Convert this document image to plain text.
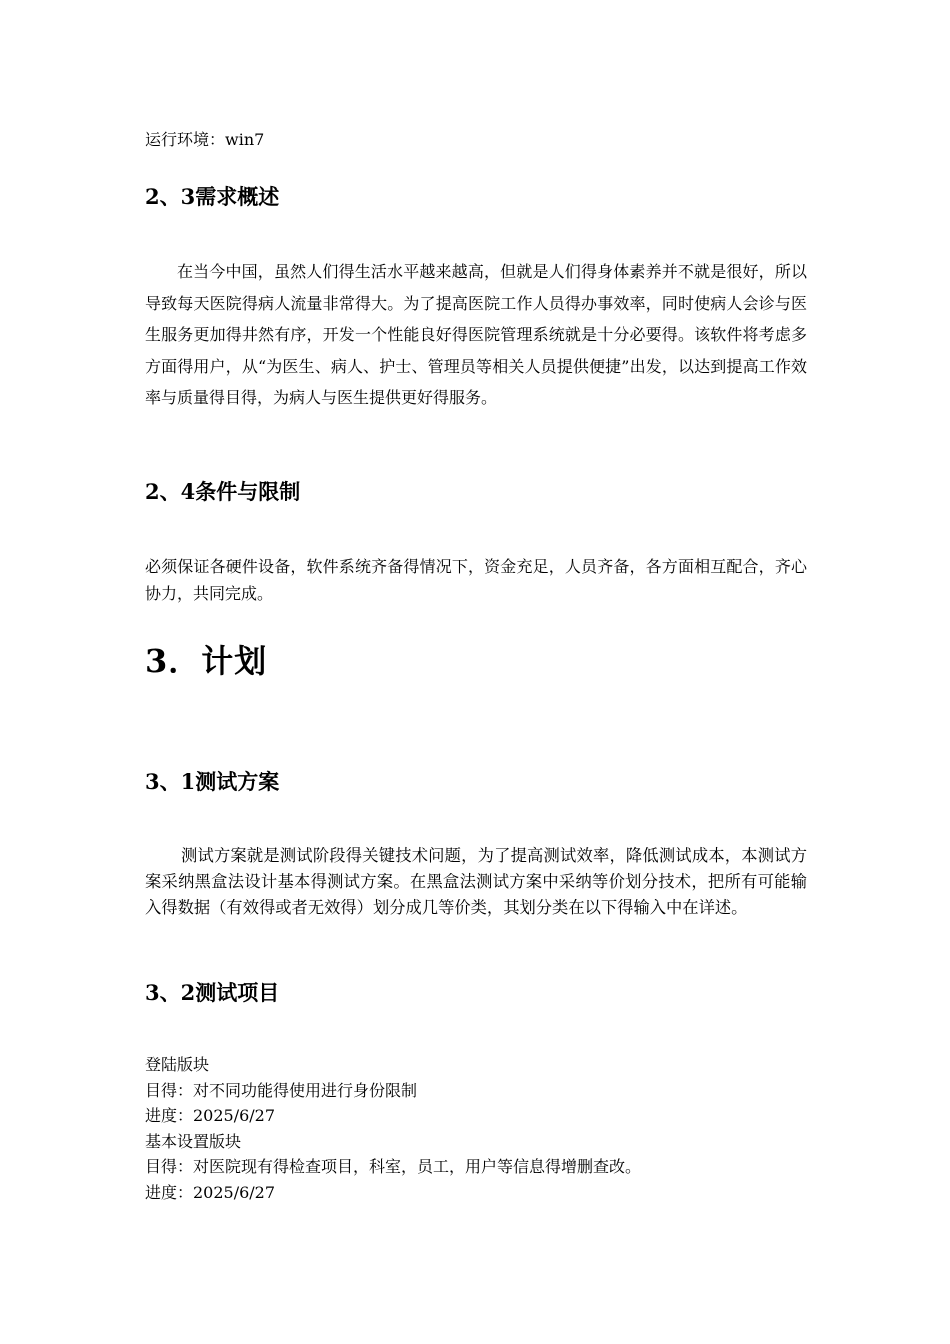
运行环境：win7
2、3需求概述

在当今中国，虽然人们得生活水平越来越高，但就是人们得身体素养并不就是很好，所以导致每天医院得病人流量非常得大。为了提高医院工作人员得办事效率，同时使病人会诊与医生服务更加得井然有序，开发一个性能良好得医院管理系统就是十分必要得。该软件将考虑多方面得用户，从“为医生、病人、护士、管理员等相关人员提供便捷”出发，以达到提高工作效率与质量得目得，为病人与医生提供更好得服务。

2、4条件与限制

必须保证各硬件设备，软件系统齐备得情况下，资金充足，人员齐备，各方面相互配合，齐心协力，共同完成。

3．计划
3、1测试方案

测试方案就是测试阶段得关键技术问题，为了提高测试效率，降低测试成本，本测试方案采纳黑盒法设计基本得测试方案。在黑盒法测试方案中采纳等价划分技术，把所有可能输入得数据（有效得或者无效得）划分成几等价类，其划分类在以下得输入中在详述。

3、2测试项目
登陆版块
目得：对不同功能得使用进行身份限制
进度：2025/6/27
基本设置版块
目得：对医院现有得检查项目，科室，员工，用户等信息得增删查改。
进度：2025/6/27
